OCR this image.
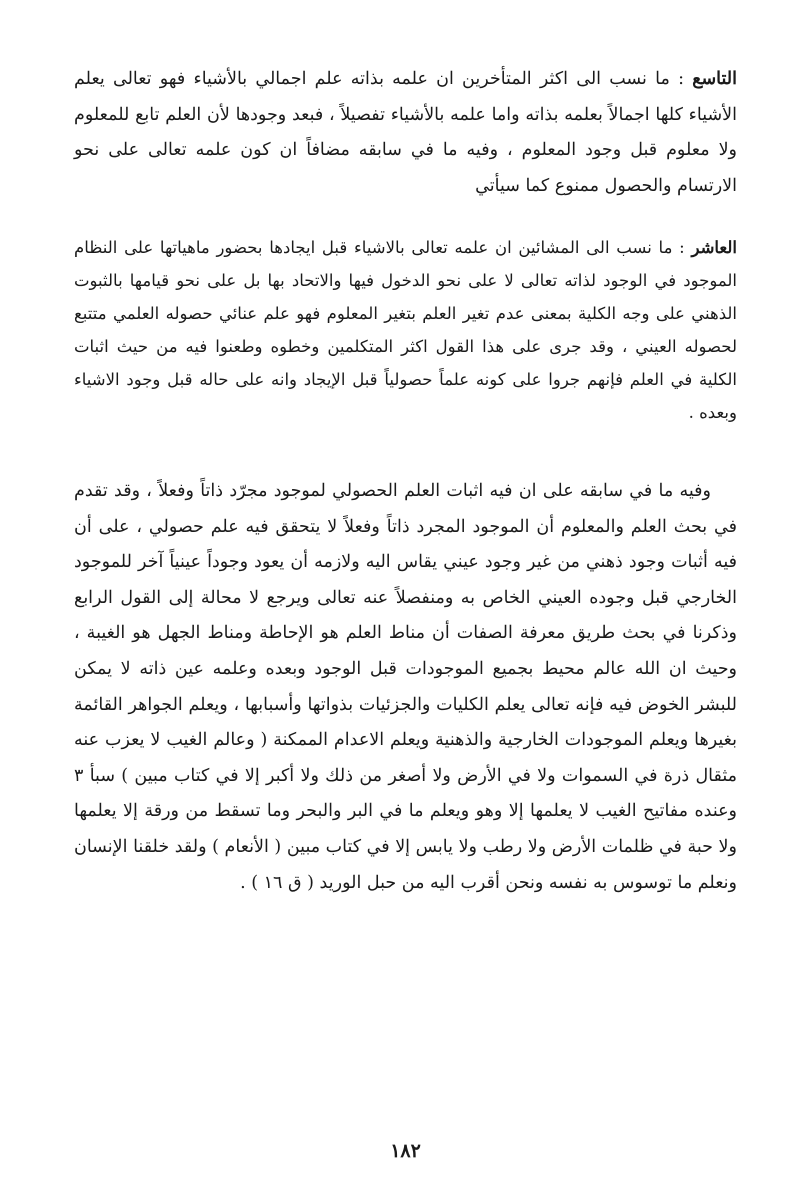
التاسع : ما نسب الى اكثر المتأخرين ان علمه بذاته علم اجمالي بالأشياء فهو تعالى يعلم الأشياء كلها اجمالاً بعلمه بذاته واما علمه بالأشياء تفصيلاً ، فبعد وجودها لأن العلم تابع للمعلوم ولا معلوم قبل وجود المعلوم ، وفيه ما في سابقه مضافاً ان كون علمه تعالى على نحو الارتسام والحصول ممنوع كما سيأتي

العاشر : ما نسب الى المشائين ان علمه تعالى بالاشياء قبل ايجادها بحضور ماهياتها على النظام الموجود في الوجود لذاته تعالى لا على نحو الدخول فيها والاتحاد بها بل على نحو قيامها بالثبوت الذهني على وجه الكلية بمعنى عدم تغير العلم بتغير المعلوم فهو علم عنائي حصوله العلمي متتبع لحصوله العيني ، وقد جرى على هذا القول اكثر المتكلمين وخطوه وطعنوا فيه من حيث اثبات الكلية في العلم فإنهم جروا على كونه علماً حصولياً قبل الإيجاد وانه على حاله قبل وجود الاشياء وبعده .

وفيه ما في سابقه على ان فيه اثبات العلم الحصولي لموجود مجرّد ذاتاً وفعلاً ، وقد تقدم في بحث العلم والمعلوم أن الموجود المجرد ذاتاً وفعلاً لا يتحقق فيه علم حصولي ، على أن فيه أثبات وجود ذهني من غير وجود عيني يقاس اليه ولازمه أن يعود وجوداً عينياً آخر للموجود الخارجي قبل وجوده العيني الخاص به ومنفصلاً عنه تعالى ويرجع لا محالة إلى القول الرابع وذكرنا في بحث طريق معرفة الصفات أن مناط العلم هو الإحاطة ومناط الجهل هو الغيبة ، وحيث ان الله عالم محيط بجميع الموجودات قبل الوجود وبعده وعلمه عين ذاته لا يمكن للبشر الخوض فيه فإنه تعالى يعلم الكليات والجزئيات بذواتها وأسبابها ، ويعلم الجواهر القائمة بغيرها ويعلم الموجودات الخارجية والذهنية ويعلم الاعدام الممكنة ( وعالم الغيب لا يعزب عنه مثقال ذرة في السموات ولا في الأرض ولا أصغر من ذلك ولا أكبر إلا في كتاب مبين ) سبأ ٣ وعنده مفاتيح الغيب لا يعلمها إلا وهو ويعلم ما في البر والبحر وما تسقط من ورقة إلا يعلمها ولا حبة في ظلمات الأرض ولا رطب ولا يابس إلا في كتاب مبين ( الأنعام ) ولقد خلقنا الإنسان ونعلم ما توسوس به نفسه ونحن أقرب اليه من حبل الوريد ( ق ١٦ ) .

١٨٢
